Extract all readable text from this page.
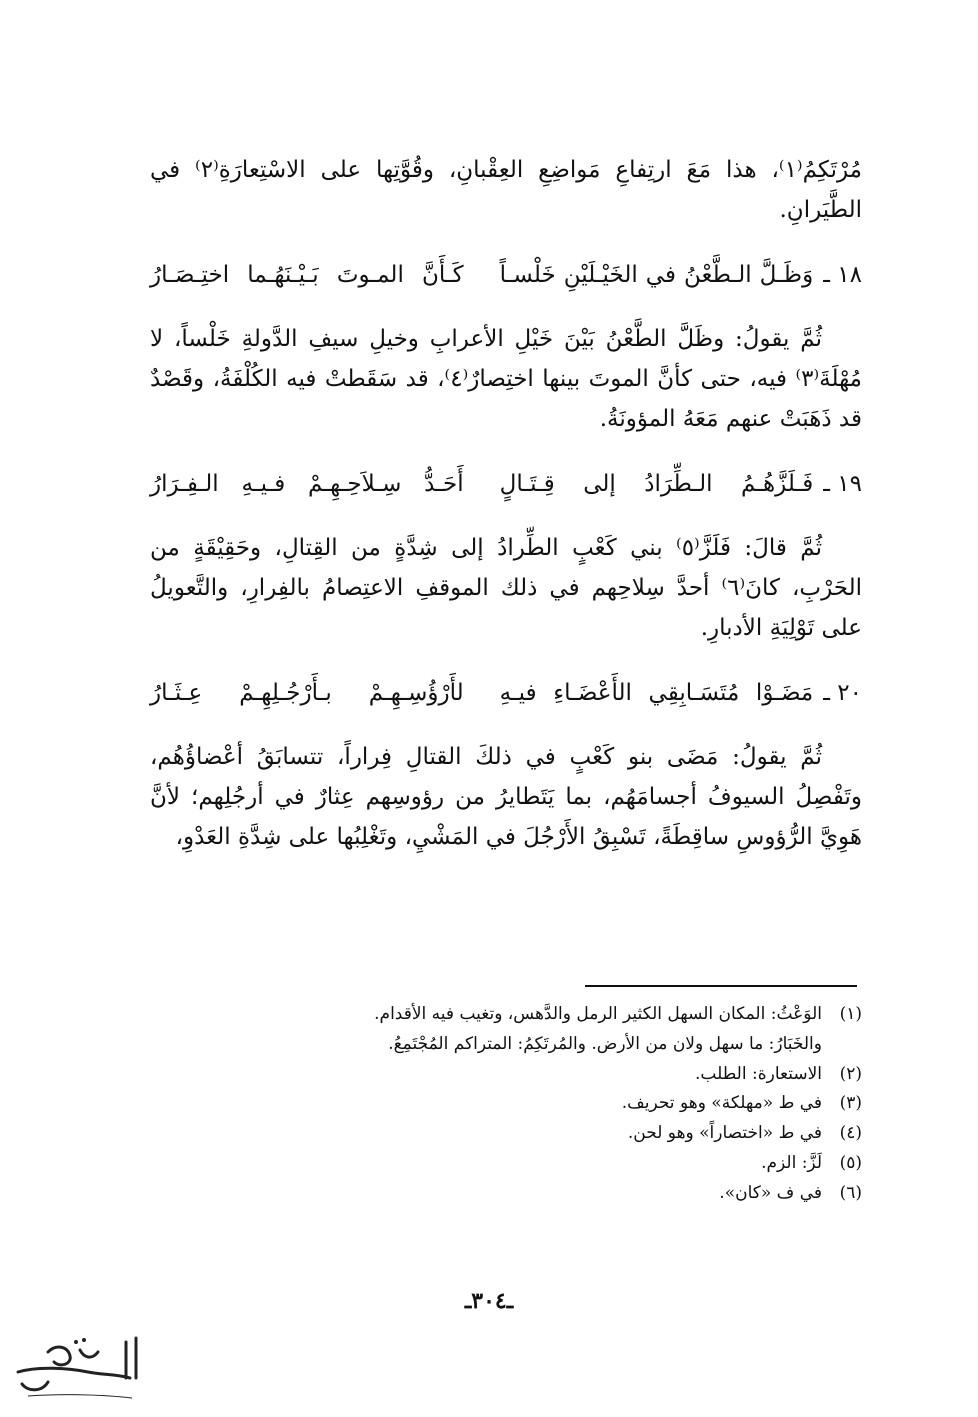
مُرْتَكِمُ⁽١⁾، هذا مَعَ ارتِفاعِ مَواضِعِ العِقْبانِ، وقُوَّتِها على الاسْتِعارَةِ⁽٢⁾ في الطَّيَرانِ.

١٨ ـ
وَظَـلَّ الـطَّعْنُ في الخَيْـلَيْنِ خَلْسـاً
كَـأَنَّ المـوتَ بَـيْـنَهُـما اختِـصَـارُ

ثُمَّ يقولُ: وظَلَّ الطَّعْنُ بَيْنَ خَيْلِ الأعرابِ وخيلِ سيفِ الدَّولةِ خَلْساً، لا مُهْلَةَ⁽٣⁾ فيه، حتى كأنَّ الموتَ بينها اختِصارٌ⁽٤⁾، قد سَقَطتْ فيه الكُلْفَةُ، وقَصْدٌ قد ذَهَبَتْ عنهم مَعَهُ المؤونَةُ.

١٩ ـ
فَـلَزَّهُـمُ الـطِّرَادُ إلى قِـتَـالٍ
أَحَـدُّ سِـلاَحِـهِـمْ فـيـهِ الـفِـرَارُ

ثُمَّ قالَ: فَلَزَّ⁽٥⁾ بني كَعْبٍ الطِّرادُ إلى شِدَّةٍ من القِتالِ، وحَقِيْقَةٍ من الحَرْبِ، كانَ⁽٦⁾ أحدَّ سِلاحِهم في ذلك الموقفِ الاعتِصامُ بالفِرارِ، والتَّعويلُ على تَوْلِيَةِ الأدبارِ.

٢٠ ـ
مَضَـوْا مُتَسَـابِقِي الأَعْضَـاءِ فيـهِ
لأَرْؤُسِـهِـمْ بـأَرْجُـلِهِـمْ عِـثَـارُ

ثُمَّ يقولُ: مَضَى بنو كَعْبٍ في ذلكَ القتالِ فِراراً، تتسابَقُ أعْضاؤُهُم، وتَفْصِلُ السيوفُ أجسامَهُم، بما يَتَطايرُ من رؤوسِهم عِثارٌ في أرجُلِهم؛ لأنَّ هَوِيَّ الرُّؤوسِ ساقِطَةً، تَسْبِقُ الأَرْجُلَ في المَشْيِ، وتَغْلِبُها على شِدَّةِ العَدْوِ،

(١)الوَعْثُ: المكان السهل الكثير الرمل والدَّهس، وتغيب فيه الأقدام.

والخَبَارُ: ما سهل ولان من الأرض. والمُرتَكِمُ: المتراكم المُجْتَمِعُ.

(٢)الاستعارة: الطلب.

(٣)في ط «مهلكة» وهو تحريف.

(٤)في ط «اختصاراً» وهو لحن.

(٥)لَزَّ: الزم.

(٦)في ف «كان».

ـ٣٠٤ـ
